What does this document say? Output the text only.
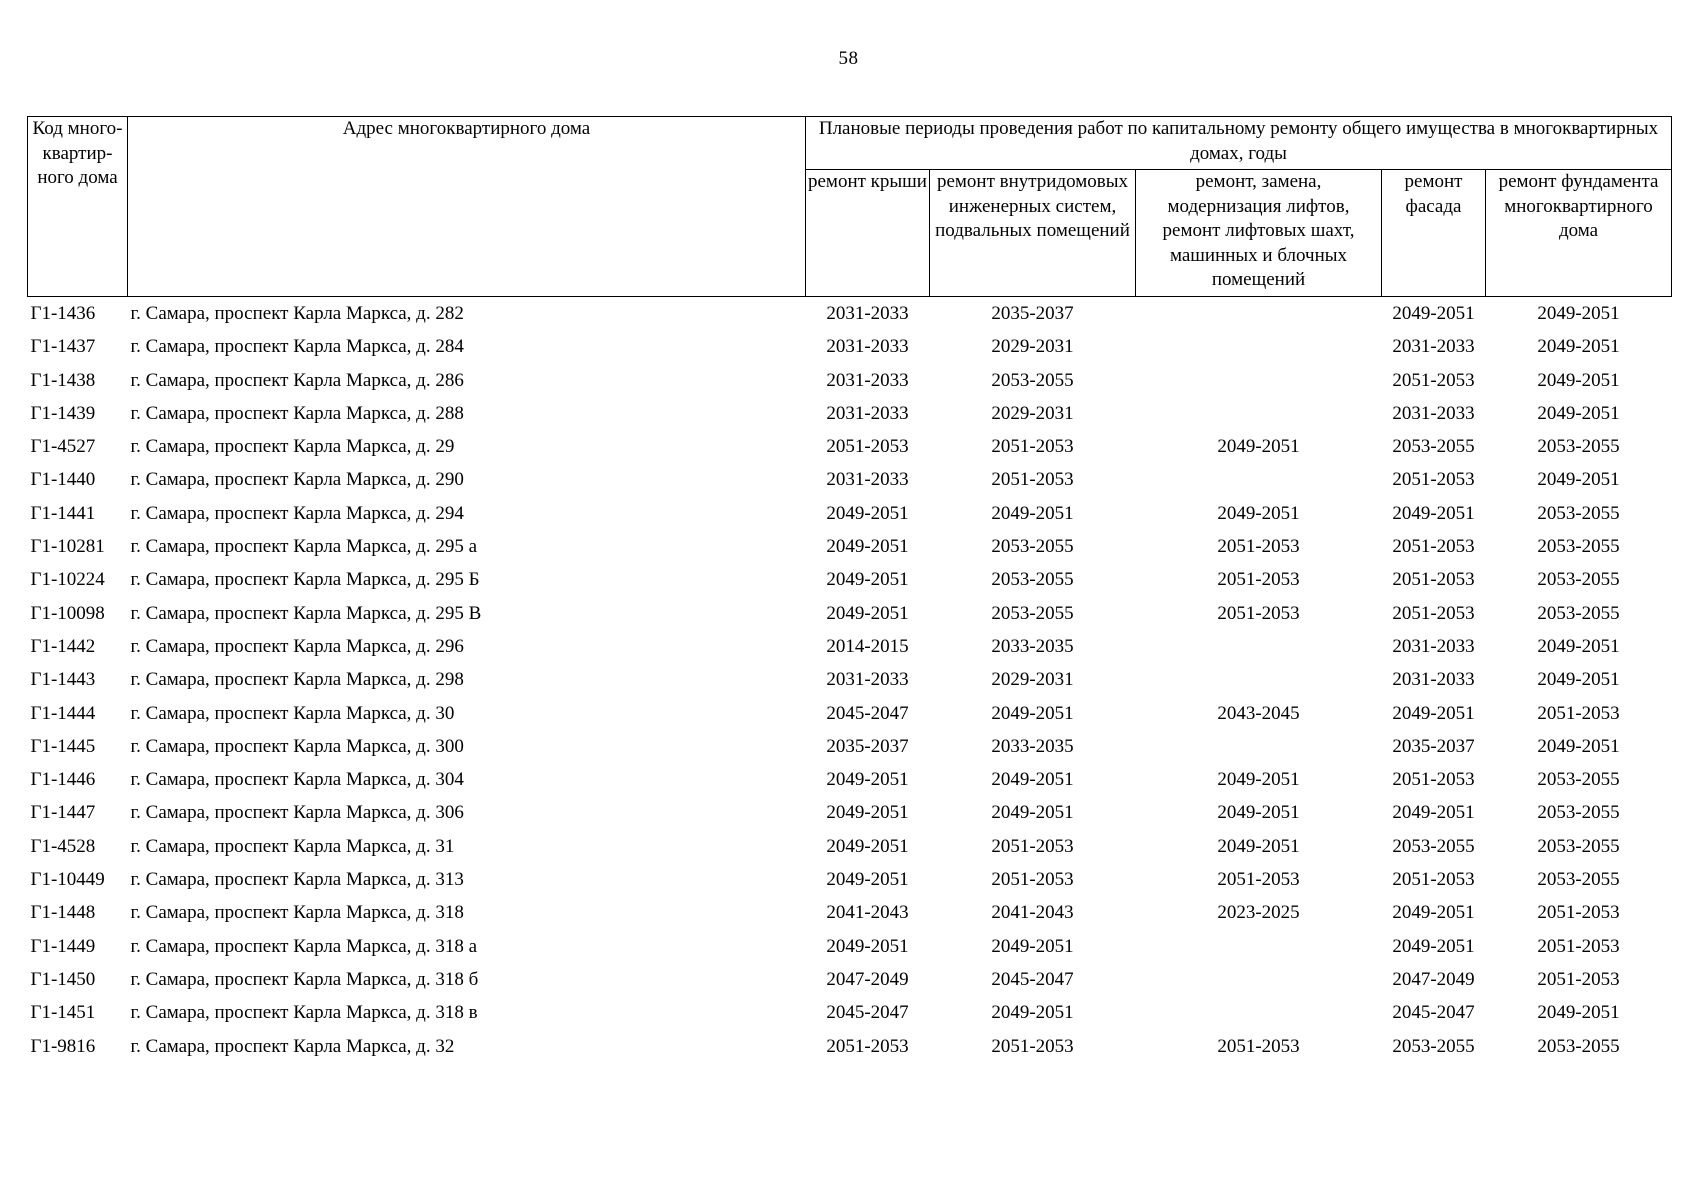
58
Код много-квартир-ного дома	Адрес многоквартирного дома	Плановые периоды проведения работ по капитальному ремонту общего имущества в многоквартирных домах, годы				
		ремонт крыши	ремонт внутридомовых инженерных систем, подвальных помещений	ремонт, замена, модернизация лифтов, ремонт лифтовых шахт, машинных и блочных помещений	ремонт фасада	ремонт фундамента многоквартирного дома
Г1-1436	г. Самара, проспект Карла Маркса, д. 282	2031-2033	2035-2037		2049-2051	2049-2051
Г1-1437	г. Самара, проспект Карла Маркса, д. 284	2031-2033	2029-2031		2031-2033	2049-2051
Г1-1438	г. Самара, проспект Карла Маркса, д. 286	2031-2033	2053-2055		2051-2053	2049-2051
Г1-1439	г. Самара, проспект Карла Маркса, д. 288	2031-2033	2029-2031		2031-2033	2049-2051
Г1-4527	г. Самара, проспект Карла Маркса, д. 29	2051-2053	2051-2053	2049-2051	2053-2055	2053-2055
Г1-1440	г. Самара, проспект Карла Маркса, д. 290	2031-2033	2051-2053		2051-2053	2049-2051
Г1-1441	г. Самара, проспект Карла Маркса, д. 294	2049-2051	2049-2051	2049-2051	2049-2051	2053-2055
Г1-10281	г. Самара, проспект Карла Маркса, д. 295 а	2049-2051	2053-2055	2051-2053	2051-2053	2053-2055
Г1-10224	г. Самара, проспект Карла Маркса, д. 295 Б	2049-2051	2053-2055	2051-2053	2051-2053	2053-2055
Г1-10098	г. Самара, проспект Карла Маркса, д. 295 В	2049-2051	2053-2055	2051-2053	2051-2053	2053-2055
Г1-1442	г. Самара, проспект Карла Маркса, д. 296	2014-2015	2033-2035		2031-2033	2049-2051
Г1-1443	г. Самара, проспект Карла Маркса, д. 298	2031-2033	2029-2031		2031-2033	2049-2051
Г1-1444	г. Самара, проспект Карла Маркса, д. 30	2045-2047	2049-2051	2043-2045	2049-2051	2051-2053
Г1-1445	г. Самара, проспект Карла Маркса, д. 300	2035-2037	2033-2035		2035-2037	2049-2051
Г1-1446	г. Самара, проспект Карла Маркса, д. 304	2049-2051	2049-2051	2049-2051	2051-2053	2053-2055
Г1-1447	г. Самара, проспект Карла Маркса, д. 306	2049-2051	2049-2051	2049-2051	2049-2051	2053-2055
Г1-4528	г. Самара, проспект Карла Маркса, д. 31	2049-2051	2051-2053	2049-2051	2053-2055	2053-2055
Г1-10449	г. Самара, проспект Карла Маркса, д. 313	2049-2051	2051-2053	2051-2053	2051-2053	2053-2055
Г1-1448	г. Самара, проспект Карла Маркса, д. 318	2041-2043	2041-2043	2023-2025	2049-2051	2051-2053
Г1-1449	г. Самара, проспект Карла Маркса, д. 318 а	2049-2051	2049-2051		2049-2051	2051-2053
Г1-1450	г. Самара, проспект Карла Маркса, д. 318 б	2047-2049	2045-2047		2047-2049	2051-2053
Г1-1451	г. Самара, проспект Карла Маркса, д. 318 в	2045-2047	2049-2051		2045-2047	2049-2051
Г1-9816	г. Самара, проспект Карла Маркса, д. 32	2051-2053	2051-2053	2051-2053	2053-2055	2053-2055
